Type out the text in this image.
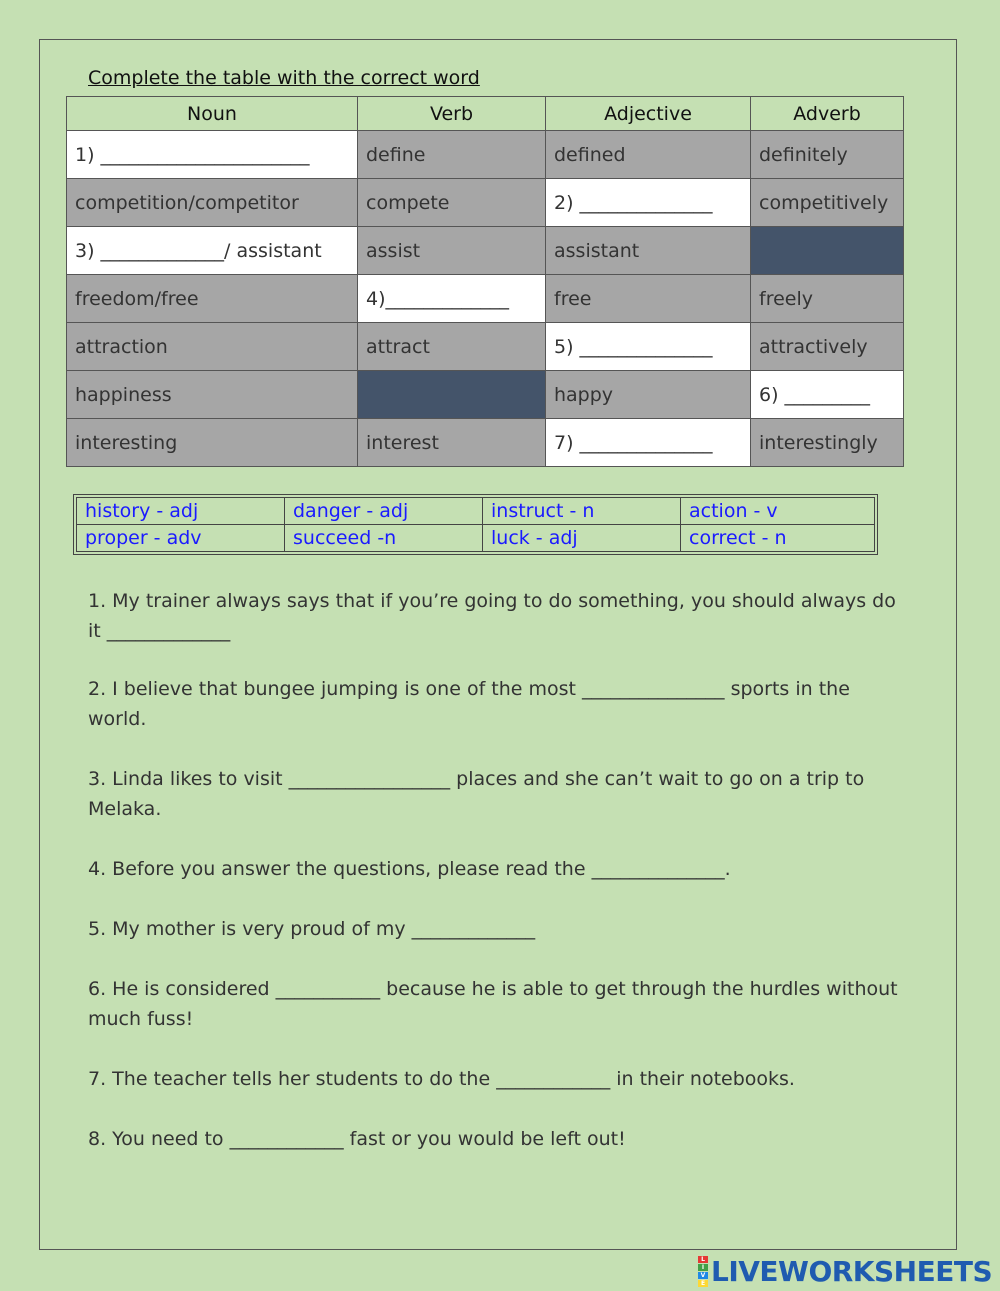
Complete the table with the correct word
Noun	Verb	Adjective	Adverb
1) ______________________	define	defined	definitely
competition/competitor	compete	2) ______________	competitively
3) _____________/ assistant	assist	assistant	
freedom/free	4)_____________	free	freely
attraction	attract	5) ______________	attractively
happiness		happy	6) _________
interesting	interest	7) ______________	interestingly
history - adj	danger - adj	instruct - n	action - v
proper - adv	succeed -n	luck - adj	correct - n

1. My trainer always says that if you’re going to do something, you should always do it _____________

2. I believe that bungee jumping is one of the most _______________ sports in the world.

3. Linda likes to visit _________________ places and she can’t wait to go on a trip to Melaka.

4. Before you answer the questions, please read the ______________.

5. My mother is very proud of my _____________

6. He is considered ___________ because he is able to get through the hurdles without much fuss!

7. The teacher tells her students to do the ____________ in their notebooks.

8. You need to ____________ fast or you would be left out!

L
I
V
E LIVEWORKSHEETS
